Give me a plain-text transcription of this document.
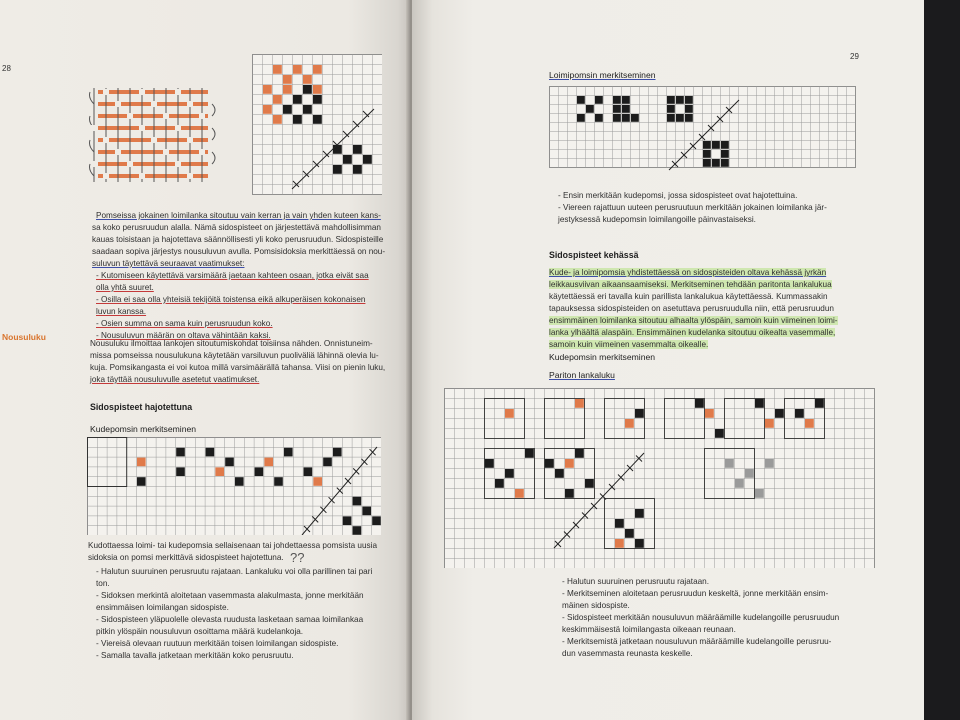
28
Nousuluku
Pomseissa jokainen loimilanka sitoutuu vain kerran ja vain yhden kuteen kans-
sa koko perusruudun alalla. Nämä sidospisteet on järjestettävä mahdollisimman
kauas toisistaan ja hajotettava säännöllisesti yli koko perusruudun. Sidospisteille
saadaan sopiva järjestys nousuluvun avulla. Pomsisidoksia merkittäessä on nou-
suluvun täytettävä seuraavat vaatimukset:
- Kutomiseen käytettävä varsimäärä jaetaan kahteen osaan, jotka eivät saa
olla yhtä suuret.
- Osilla ei saa olla yhteisiä tekijöitä toistensa eikä alkuperäisen kokonaisen
luvun kanssa.
- Osien summa on sama kuin perusruudun koko.
- Nousuluvun määrän on oltava vähintään kaksi.
Nousuluku ilmoittaa lankojen sitoutumiskohdat toisiinsa nähden. Onnistuneim-
missa pomseissa nousulukuna käytetään varsiluvun puoliväliä lähinnä olevia lu-
kuja. Pomsikangasta ei voi kutoa millä varsimäärällä tahansa. Viisi on pienin luku,
joka täyttää nousuluvulle asetetut vaatimukset.
Sidospisteet hajotettuna
Kudepomsin merkitseminen
Kudottaessa loimi- tai kudepomsia sellaisenaan tai johdettaessa pomsista uusia
sidoksia on pomsi merkittävä sidospisteet hajotettuna. ??
- Halutun suuruinen perusruutu rajataan. Lankaluku voi olla parillinen tai pari
ton.
- Sidoksen merkintä aloitetaan vasemmasta alakulmasta, jonne merkitään
ensimmäisen loimilangan sidospiste.
- Sidospisteen yläpuolelle olevasta ruudusta lasketaan samaa loimilankaa
pitkin ylöspäin nousuluvun osoittama määrä kudelankoja.
- Viereisä olevaan ruutuun merkitään toisen loimilangan sidospiste.
- Samalla tavalla jatketaan merkitään koko perusruutu.
29
Loimipomsin merkitseminen
- Ensin merkitään kudepomsi, jossa sidospisteet ovat hajotettuina.
- Viereen rajattuun uuteen perusruutuun merkitään jokainen loimilanka jär-
jestyksessä kudepomsin loimilangoille päinvastaiseksi.
Sidospisteet kehässä
Kude- ja loimipomsia yhdistettäessä on sidospisteiden oltava kehässä jyrkän
leikkausviivan aikaansaamiseksi. Merkitseminen tehdään paritonta lankalukua
käytettäessä eri tavalla kuin parillista lankalukua käytettäessä. Kummassakin
tapauksessa sidospisteiden on asetuttava perusruudulla niin, että perusruudun
ensimmäinen loimilanka sitoutuu alhaalta ylöspäin, samoin kuin viimeinen loimi-
lanka ylhäältä alaspäin. Ensimmäinen kudelanka sitoutuu oikealta vasemmalle,
samoin kuin viimeinen vasemmalta oikealle.
Kudepomsin merkitseminen
Pariton lankaluku
- Halutun suuruinen perusruutu rajataan.
- Merkitseminen aloitetaan perusruudun keskeltä, jonne merkitään ensim-
mäinen sidospiste.
- Sidospisteet merkitään nousuluvun määräämille kudelangoille perusruudun
keskimmäisestä loimilangasta oikeaan reunaan.
- Merkitsemistä jatketaan nousuluvun määräämille kudelangoille perusruu-
dun vasemmasta reunasta keskelle.
